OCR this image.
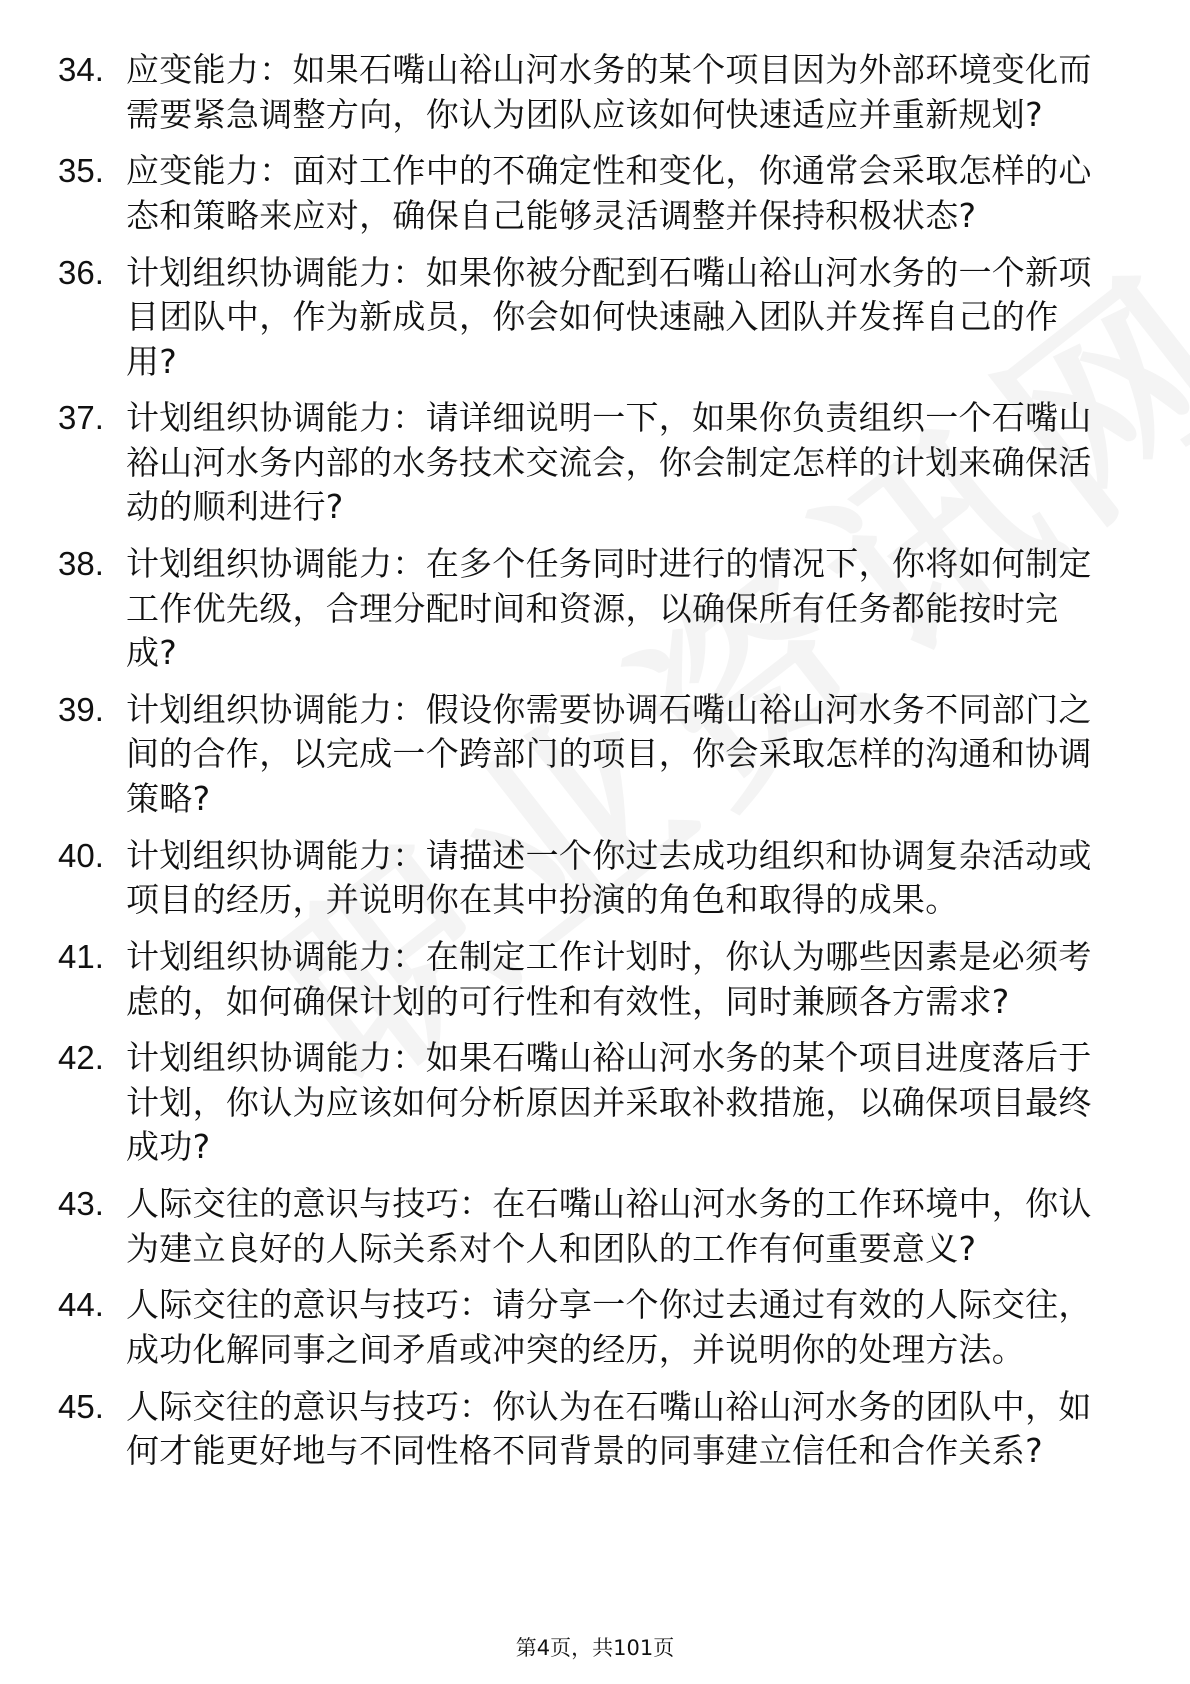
34. 应变能力：如果石嘴山裕山河水务的某个项目因为外部环境变化而需要紧急调整方向，你认为团队应该如何快速适应并重新规划?
35. 应变能力：面对工作中的不确定性和变化，你通常会采取怎样的心态和策略来应对，确保自己能够灵活调整并保持积极状态?
36. 计划组织协调能力：如果你被分配到石嘴山裕山河水务的一个新项目团队中，作为新成员，你会如何快速融入团队并发挥自己的作用?
37. 计划组织协调能力：请详细说明一下，如果你负责组织一个石嘴山裕山河水务内部的水务技术交流会，你会制定怎样的计划来确保活动的顺利进行?
38. 计划组织协调能力：在多个任务同时进行的情况下，你将如何制定工作优先级，合理分配时间和资源，以确保所有任务都能按时完成?
39. 计划组织协调能力：假设你需要协调石嘴山裕山河水务不同部门之间的合作，以完成一个跨部门的项目，你会采取怎样的沟通和协调策略?
40. 计划组织协调能力：请描述一个你过去成功组织和协调复杂活动或项目的经历，并说明你在其中扮演的角色和取得的成果。
41. 计划组织协调能力：在制定工作计划时，你认为哪些因素是必须考虑的，如何确保计划的可行性和有效性，同时兼顾各方需求?
42. 计划组织协调能力：如果石嘴山裕山河水务的某个项目进度落后于计划，你认为应该如何分析原因并采取补救措施，以确保项目最终成功?
43. 人际交往的意识与技巧：在石嘴山裕山河水务的工作环境中，你认为建立良好的人际关系对个人和团队的工作有何重要意义?
44. 人际交往的意识与技巧：请分享一个你过去通过有效的人际交往，成功化解同事之间矛盾或冲突的经历，并说明你的处理方法。
45. 人际交往的意识与技巧：你认为在石嘴山裕山河水务的团队中，如何才能更好地与不同性格不同背景的同事建立信任和合作关系?
第4页，共101页
